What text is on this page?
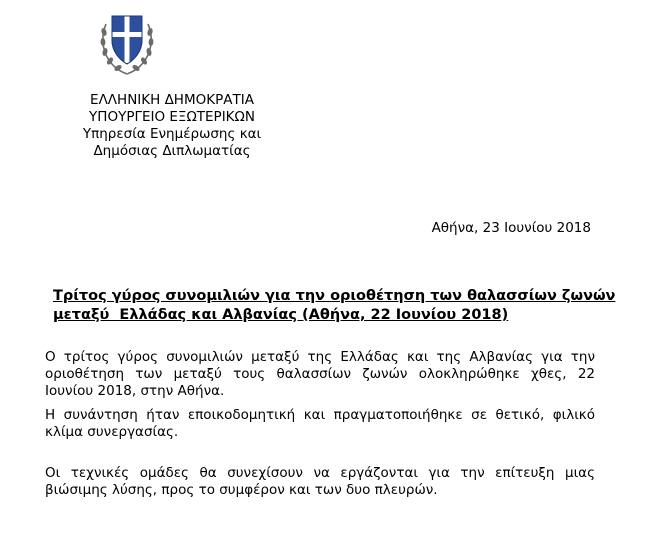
ΕΛΛΗΝΙΚΗ ΔΗΜΟΚΡΑΤΙΑ
ΥΠΟΥΡΓΕΙΟ ΕΞΩΤΕΡΙΚΩΝ
Υπηρεσία Ενημέρωσης και
Δημόσιας Διπλωματίας
Αθήνα, 23 Ιουνίου 2018
Τρίτος γύρος συνομιλιών για την οριοθέτηση των θαλασσίων ζωνών
μεταξύ  Ελλάδας και Αλβανίας (Αθήνα, 22 Ιουνίου 2018)
Ο τρίτος γύρος συνομιλιών μεταξύ της Ελλάδας και της Αλβανίας για την
οριοθέτηση των μεταξύ τους θαλασσίων ζωνών ολοκληρώθηκε χθες, 22
Ιουνίου 2018, στην Αθήνα.
Η συνάντηση ήταν εποικοδομητική και πραγματοποιήθηκε σε θετικό, φιλικό
κλίμα συνεργασίας.
Οι τεχνικές ομάδες θα συνεχίσουν να εργάζονται για την επίτευξη μιας
βιώσιμης λύσης, προς το συμφέρον και των δυο πλευρών.
